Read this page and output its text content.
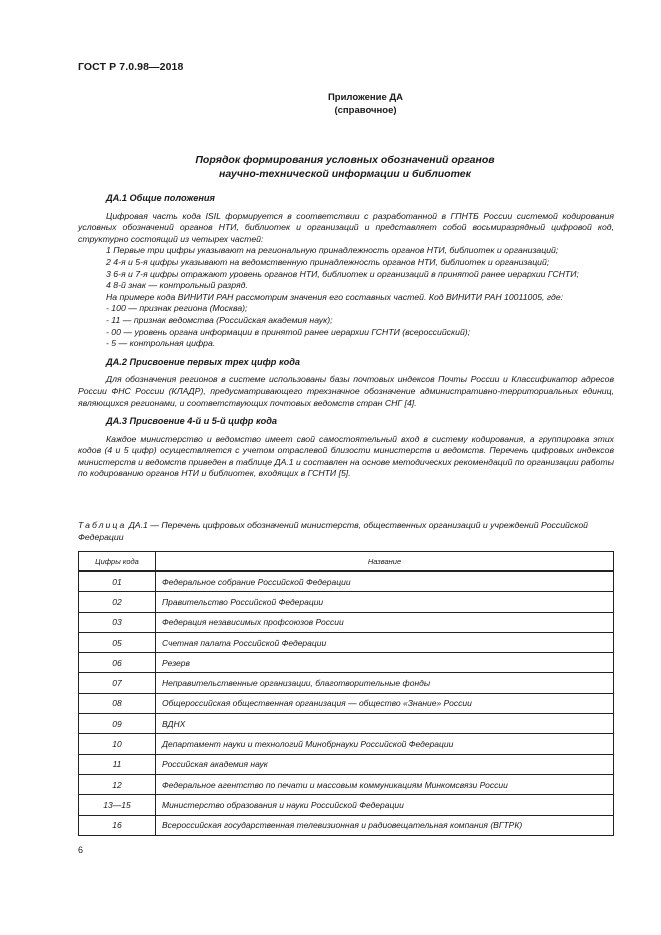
ГОСТ Р 7.0.98—2018
Приложение ДА
(справочное)
Порядок формирования условных обозначений органов
научно-технической информации и библиотек

ДА.1 Общие положения

Цифровая часть кода ISIL формируется в соответствии с разработанной в ГПНТБ России системой кодирования условных обозначений органов НТИ, библиотек и организаций и представляет собой восьмиразрядный цифровой код, структурно состоящий из четырех частей:

1 Первые три цифры указывают на региональную принадлежность органов НТИ, библиотек и организаций;

2 4-я и 5-я цифры указывают на ведомственную принадлежность органов НТИ, библиотек и организаций;

3 6-я и 7-я цифры отражают уровень органов НТИ, библиотек и организаций в принятой ранее иерархии ГСНТИ;

4 8-й знак — контрольный разряд.

На примере кода ВИНИТИ РАН рассмотрим значения его составных частей. Код ВИНИТИ РАН 10011005, где:

- 100 — признак региона (Москва);

- 11 — признак ведомства (Российская академия наук);

- 00 — уровень органа информации в принятой ранее иерархии ГСНТИ (всероссийский);

- 5 — контрольная цифра.

ДА.2 Присвоение первых трех цифр кода

Для обозначения регионов в системе использованы базы почтовых индексов Почты России и Классификатор адресов России ФНС России (КЛАДР), предусматривающего трехзначное обозначение административно-территориальных единиц, являющихся регионами, и соответствующих почтовых ведомств стран СНГ [4].

ДА.3 Присвоение 4-й и 5-й цифр кода

Каждое министерство и ведомство имеет свой самостоятельный вход в систему кодирования, а группировка этих кодов (4 и 5 цифр) осуществляется с учетом отраслевой близости министерств и ведомств. Перечень цифровых индексов министерств и ведомств приведен в таблице ДА.1 и составлен на основе методических рекомендаций по организации работы по кодированию органов НТИ и библиотек, входящих в ГСНТИ [5].

Таблица ДА.1 — Перечень цифровых обозначений министерств, общественных организаций и учреждений Российской Федерации
Цифры кода	Название
01	Федеральное собрание Российской Федерации
02	Правительство Российской Федерации
03	Федерация независимых профсоюзов России
05	Счетная палата Российской Федерации
06	Резерв
07	Неправительственные организации, благотворительные фонды
08	Общероссийская общественная организация — общество «Знание» России
09	ВДНХ
10	Департамент науки и технологий Минобрнауки Российской Федерации
11	Российская академия наук
12	Федеральное агентство по печати и массовым коммуникациям Минкомсвязи России
13—15	Министерство образования и науки Российской Федерации
16	Всероссийская государственная телевизионная и радиовещательная компания (ВГТРК)
6
